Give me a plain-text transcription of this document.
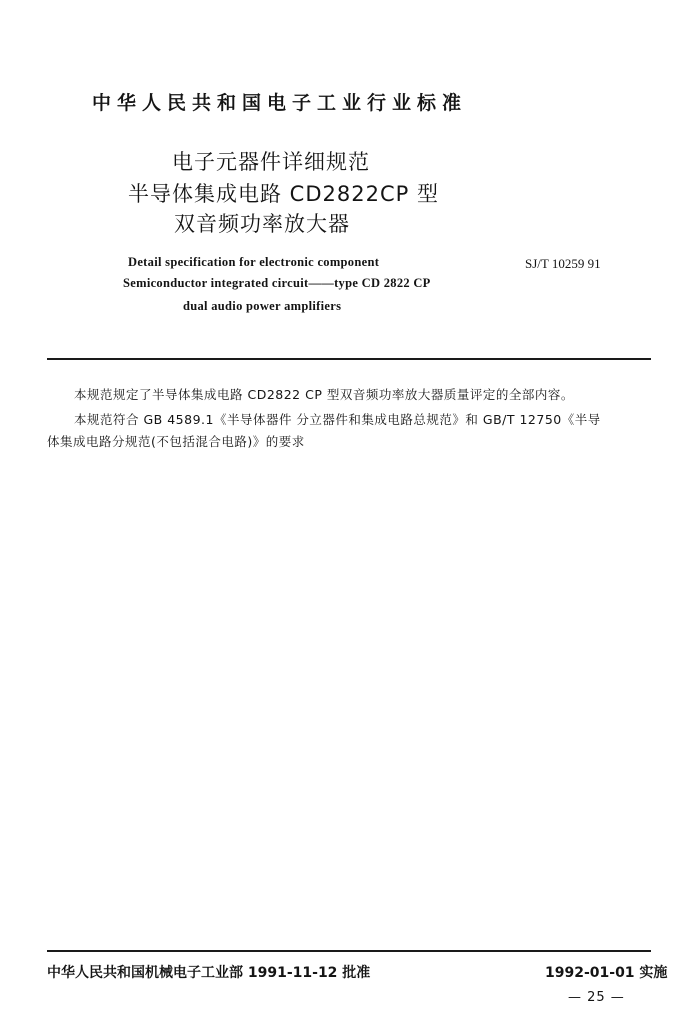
中华人民共和国电子工业行业标准
电子元器件详细规范
半导体集成电路 CD2822CP 型
双音频功率放大器
Detail specification for electronic component
Semiconductor integrated circuit——type CD 2822 CP
dual audio power amplifiers
SJ/T 10259 91
本规范规定了半导体集成电路 CD2822 CP 型双音频功率放大器质量评定的全部内容。
本规范符合 GB 4589.1《半导体器件 分立器件和集成电路总规范》和 GB/T 12750《半导
体集成电路分规范(不包括混合电路)》的要求
中华人民共和国机械电子工业部 1991-11-12 批准	1992-01-01 实施
— 25 —
